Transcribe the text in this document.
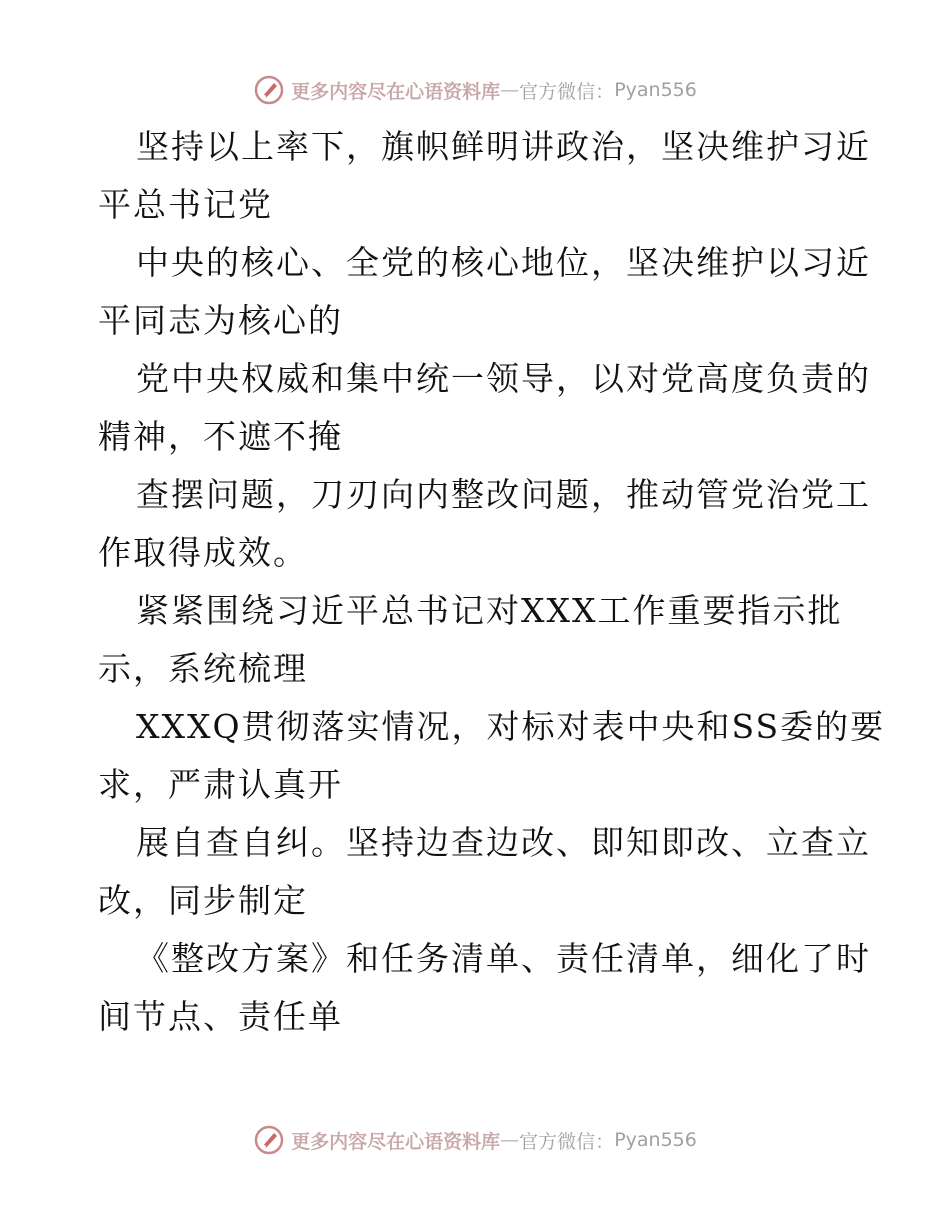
更多内容尽在心语资料库 — 官方微信： Pyan556

坚持以上率下，旗帜鲜明讲政治，坚决维护习近
平总书记党

中央的核心、全党的核心地位，坚决维护以习近
平同志为核心的

党中央权威和集中统一领导，以对党高度负责的
精神，不遮不掩

查摆问题，刀刃向内整改问题，推动管党治党工
作取得成效。

紧紧围绕习近平总书记对XXX工作重要指示批
示，系统梳理

XXXQ贯彻落实情况，对标对表中央和SS委的要
求，严肃认真开

展自查自纠。坚持边查边改、即知即改、立查立
改，同步制定

《整改方案》和任务清单、责任清单，细化了时
间节点、责任单

更多内容尽在心语资料库 — 官方微信： Pyan556
